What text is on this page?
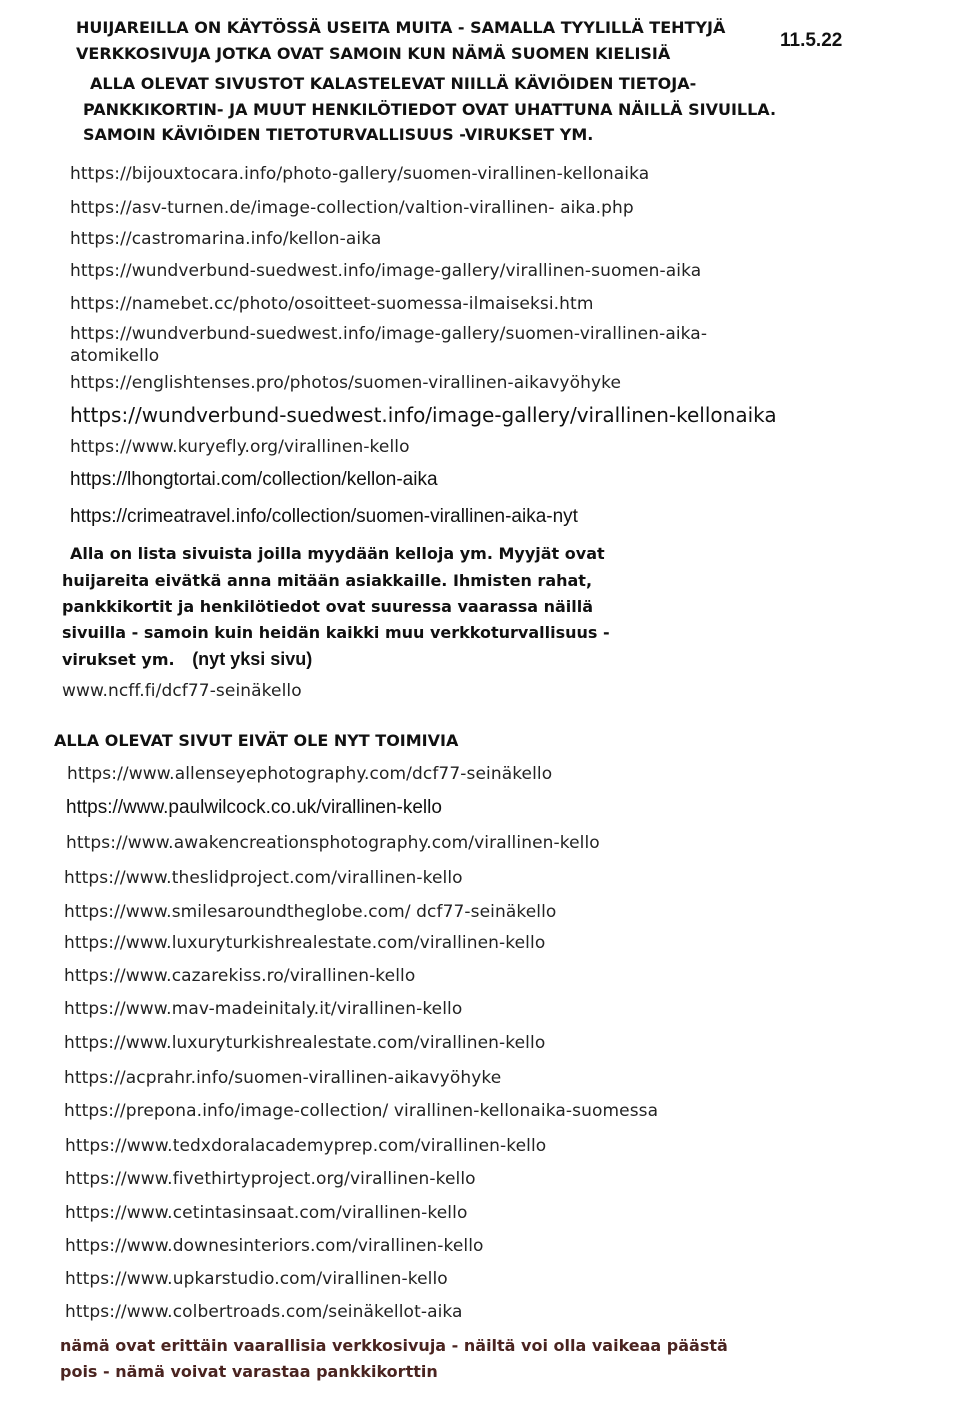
HUIJAREILLA ON KÄYTÖSSÄ USEITA MUITA - SAMALLA TYYLILLÄ TEHTYJÄ
VERKKOSIVUJA JOTKA OVAT SAMOIN KUN NÄMÄ SUOMEN KIELISIÄ
11.5.22
ALLA OLEVAT SIVUSTOT KALASTELEVAT NIILLÄ KÄVIÖIDEN TIETOJA-
PANKKIKORTIN- JA MUUT HENKILÖTIEDOT OVAT UHATTUNA NÄILLÄ SIVUILLA.
SAMOIN KÄVIÖIDEN TIETOTURVALLISUUS -VIRUKSET YM.
https://bijouxtocara.info/photo-gallery/suomen-virallinen-kellonaika
https://asv-turnen.de/image-collection/valtion-virallinen- aika.php
https://castromarina.info/kellon-aika
https://wundverbund-suedwest.info/image-gallery/virallinen-suomen-aika
https://namebet.cc/photo/osoitteet-suomessa-ilmaiseksi.htm
https://wundverbund-suedwest.info/image-gallery/suomen-virallinen-aika-
atomikello
https://englishtenses.pro/photos/suomen-virallinen-aikavyöhyke
https://wundverbund-suedwest.info/image-gallery/virallinen-kellonaika
https://www.kuryefly.org/virallinen-kello
https://lhongtortai.com/collection/kellon-aika
https://crimeatravel.info/collection/suomen-virallinen-aika-nyt
Alla on lista sivuista joilla myydään kelloja ym. Myyjät ovat
huijareita eivätkä anna mitään asiakkaille. Ihmisten rahat,
pankkikortit ja henkilötiedot ovat suuressa vaarassa näillä
sivuilla - samoin kuin heidän kaikki muu verkkoturvallisuus -
virukset ym. (nyt yksi sivu)
www.ncff.fi/dcf77-seinäkello
ALLA OLEVAT SIVUT EIVÄT OLE NYT TOIMIVIA
https://www.allenseyephotography.com/dcf77-seinäkello
https://www.paulwilcock.co.uk/virallinen-kello
https://www.awakencreationsphotography.com/virallinen-kello
https://www.theslidproject.com/virallinen-kello
https://www.smilesaroundtheglobe.com/ dcf77-seinäkello
https://www.luxuryturkishrealestate.com/virallinen-kello
https://www.cazarekiss.ro/virallinen-kello
https://www.mav-madeinitaly.it/virallinen-kello
https://www.luxuryturkishrealestate.com/virallinen-kello
https://acprahr.info/suomen-virallinen-aikavyöhyke
https://prepona.info/image-collection/ virallinen-kellonaika-suomessa
https://www.tedxdoralacademyprep.com/virallinen-kello
https://www.fivethirtyproject.org/virallinen-kello
https://www.cetintasinsaat.com/virallinen-kello
https://www.downesinteriors.com/virallinen-kello
https://www.upkarstudio.com/virallinen-kello
https://www.colbertroads.com/seinäkellot-aika
nämä ovat erittäin vaarallisia verkkosivuja - näiltä voi olla vaikeaa päästä
pois - nämä voivat varastaa pankkikorttin
